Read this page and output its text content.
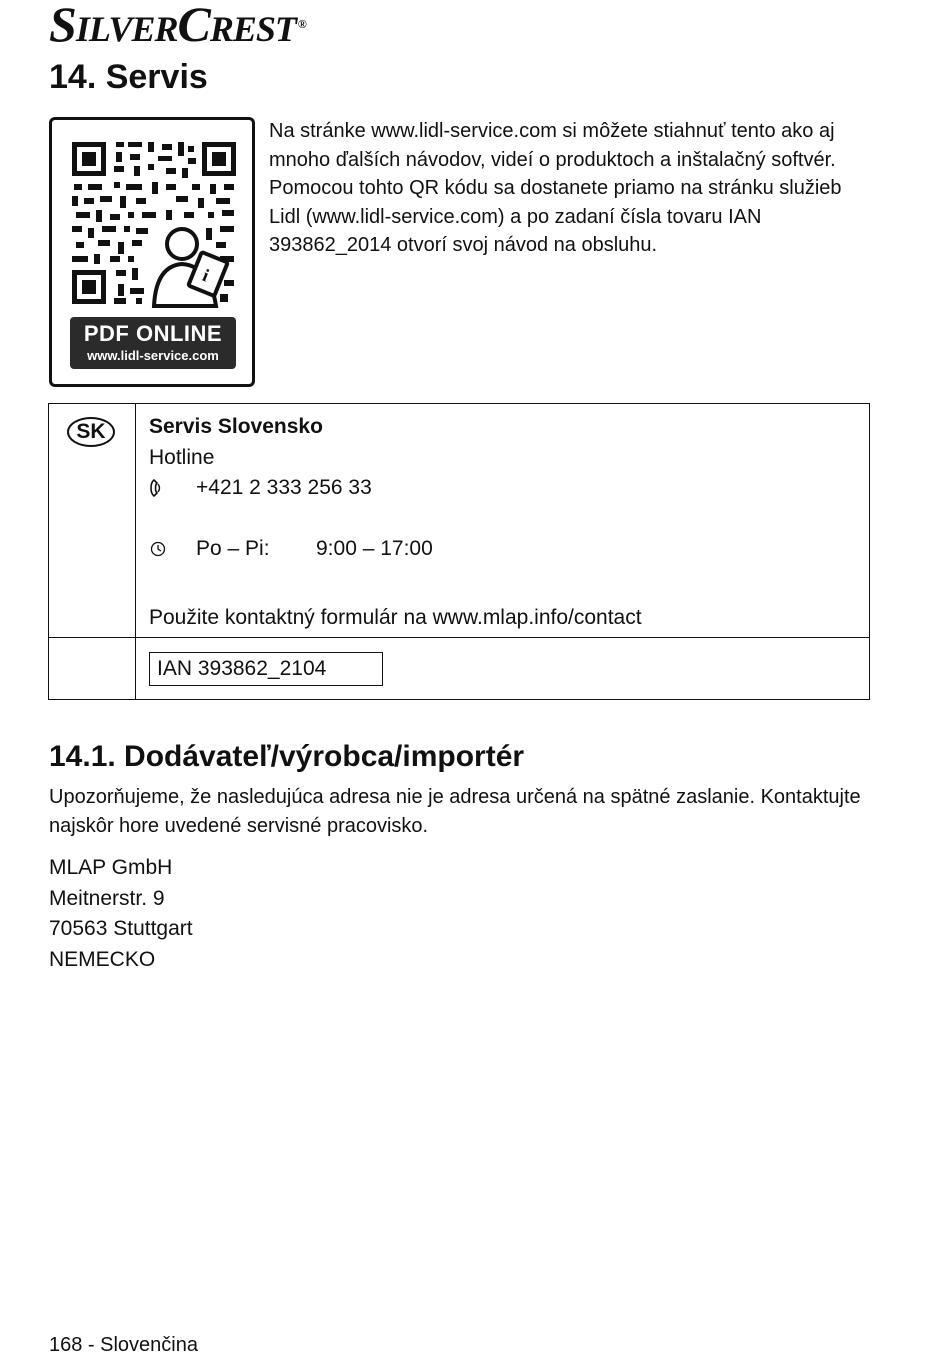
SILVERCREST ®
14. Servis
i
PDF ONLINE
www.lidl-service.com

Na stránke www.lidl-service.com si môžete stiahnuť tento ako aj mnoho ďalších návodov, videí o produktoch a inštalačný softvér. Pomocou tohto QR kódu sa dostanete priamo na stránku služieb Lidl (www.lidl-service.com) a po zadaní čísla tovaru IAN 393862_2014 otvorí svoj návod na obsluhu.

SK	Servis Slovensko
Hotline
+421 2 333 256 33
Po – Pi: 9:00 – 17:00
Použite kontaktný formulár na www.mlap.info/contact
IAN 393862_2104
14.1. Dodávateľ/výrobca/importér

Upozorňujeme, že nasledujúca adresa nie je adresa určená na spätné zaslanie. Kontaktujte najskôr hore uvedené servisné pracovisko.

MLAP GmbH
Meitnerstr. 9
70563 Stuttgart
NEMECKO

168 - Slovenčina
